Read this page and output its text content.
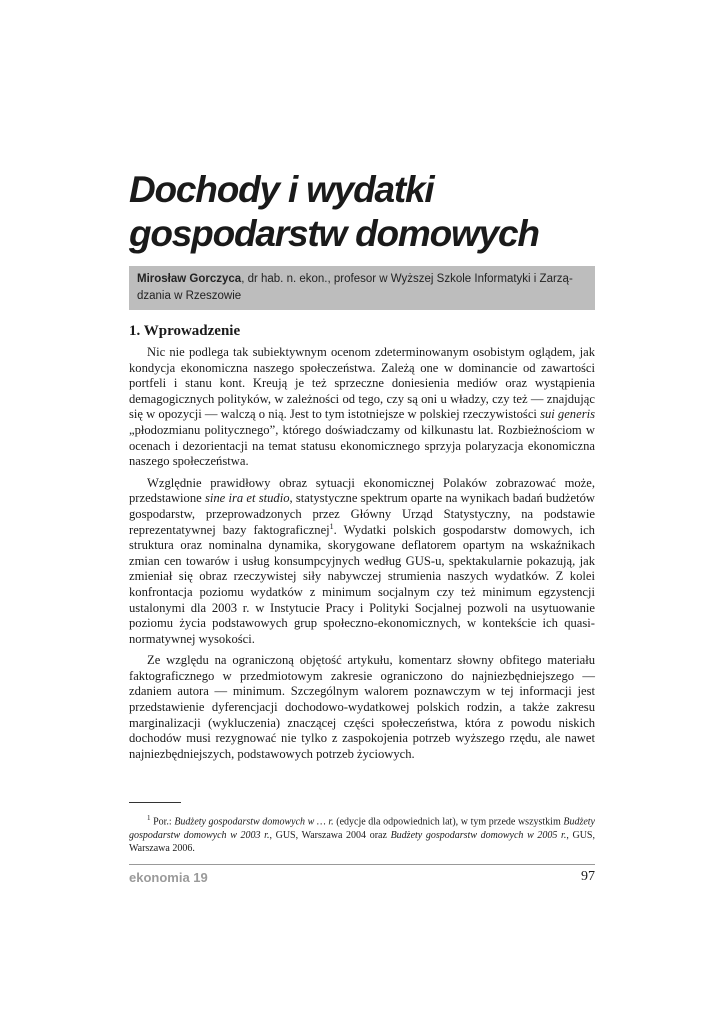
Dochody i wydatki
gospodarstw domowych
Mirosław Gorczyca, dr hab. n. ekon., profesor w Wyższej Szkole Informatyki i Zarzą-dzania w Rzeszowie
1. Wprowadzenie

Nic nie podlega tak subiektywnym ocenom zdeterminowanym osobistym oglądem, jak kondycja ekonomiczna naszego społeczeństwa. Zależą one w dominancie od zawartości portfeli i stanu kont. Kreują je też sprzeczne doniesienia mediów oraz wystąpienia demagogicznych polityków, w zależności od tego, czy są oni u władzy, czy też — znajdując się w opozycji — walczą o nią. Jest to tym istotniejsze w polskiej rzeczywistości sui generis „płodozmianu politycznego”, którego doświadczamy od kilkunastu lat. Rozbieżnościom w ocenach i dezorientacji na temat statusu ekonomicznego sprzyja polaryzacja ekonomiczna naszego społeczeństwa.

Względnie prawidłowy obraz sytuacji ekonomicznej Polaków zobrazować może, przedstawione sine ira et studio, statystyczne spektrum oparte na wynikach badań budżetów gospodarstw, przeprowadzonych przez Główny Urząd Statystyczny, na podstawie reprezentatywnej bazy faktograficznej$^1$. Wydatki polskich gospodarstw domowych, ich struktura oraz nominalna dynamika, skorygowane deflatorem opartym na wskaźnikach zmian cen towarów i usług konsumpcyjnych według GUS-u, spektakularnie pokazują, jak zmieniał się obraz rzeczywistej siły nabywczej strumienia naszych wydatków. Z kolei konfrontacja poziomu wydatków z minimum socjalnym czy też minimum egzystencji ustalonymi dla 2003 r. w Instytucie Pracy i Polityki Socjalnej pozwoli na usytuowanie poziomu życia podstawowych grup społeczno-ekonomicznych, w kontekście ich quasi-normatywnej wysokości.

Ze względu na ograniczoną objętość artykułu, komentarz słowny obfitego materiału faktograficznego w przedmiotowym zakresie ograniczono do najniezbędniejszego — zdaniem autora — minimum. Szczególnym walorem poznawczym w tej informacji jest przedstawienie dyferencjacji dochodowo-wydatkowej polskich rodzin, a także zakresu marginalizacji (wykluczenia) znaczącej części społeczeństwa, która z powodu niskich dochodów musi rezygnować nie tylko z zaspokojenia potrzeb wyższego rzędu, ale nawet najniezbędniejszych, podstawowych potrzeb życiowych.

$^1$ Por.: Budżety gospodarstw domowych w … r. (edycje dla odpowiednich lat), w tym przede wszystkim Budżety gospodarstw domowych w 2003 r., GUS, Warszawa 2004 oraz Budżety gospodarstw domowych w 2005 r., GUS, Warszawa 2006.

ekonomia 19	97
